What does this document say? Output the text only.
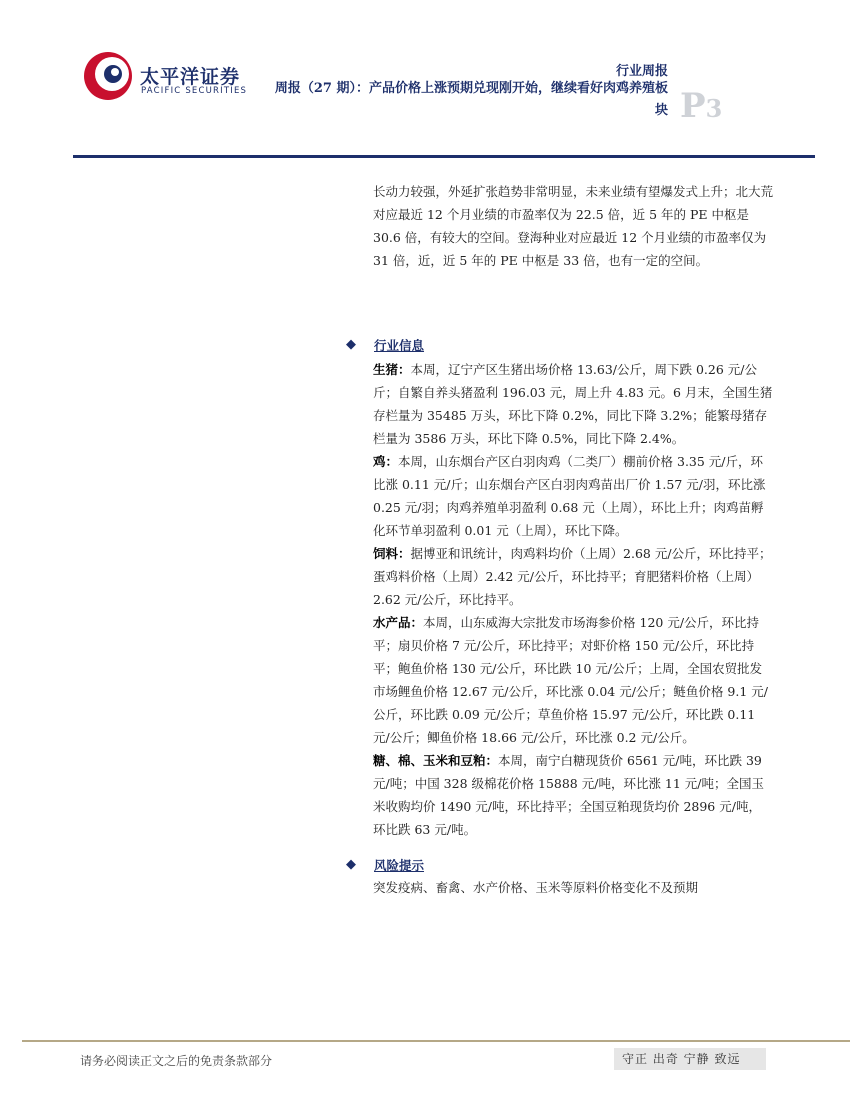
太平洋证券
PACIFIC SECURITIES
行业周报
周报（27 期）：产品价格上涨预期兑现刚开始，继续看好肉鸡养殖板块 P3

长动力较强，外延扩张趋势非常明显，未来业绩有望爆发式上升；北大荒对应最近 12 个月业绩的市盈率仅为 22.5 倍，近 5 年的 PE 中枢是 30.6 倍，有较大的空间。登海种业对应最近 12 个月业绩的市盈率仅为 31 倍，近，近 5 年的 PE 中枢是 33 倍，也有一定的空间。

◆	行业信息

生猪：本周，辽宁产区生猪出场价格 13.63/公斤，周下跌 0.26 元/公斤；自繁自养头猪盈利 196.03 元，周上升 4.83 元。6 月末，全国生猪存栏量为 35485 万头，环比下降 0.2%，同比下降 3.2%；能繁母猪存栏量为 3586 万头，环比下降 0.5%，同比下降 2.4%。

鸡：本周，山东烟台产区白羽肉鸡（二类厂）棚前价格 3.35 元/斤，环比涨 0.11 元/斤；山东烟台产区白羽肉鸡苗出厂价 1.57 元/羽，环比涨 0.25 元/羽；肉鸡养殖单羽盈利 0.68 元（上周），环比上升；肉鸡苗孵化环节单羽盈利 0.01 元（上周），环比下降。

饲料：据博亚和讯统计，肉鸡料均价（上周）2.68 元/公斤，环比持平；蛋鸡料价格（上周）2.42 元/公斤，环比持平；育肥猪料价格（上周）2.62 元/公斤，环比持平。

水产品：本周，山东威海大宗批发市场海参价格 120 元/公斤，环比持平；扇贝价格 7 元/公斤，环比持平；对虾价格 150 元/公斤，环比持平；鲍鱼价格 130 元/公斤，环比跌 10 元/公斤；上周，全国农贸批发市场鲤鱼价格 12.67 元/公斤，环比涨 0.04 元/公斤；鲢鱼价格 9.1 元/公斤，环比跌 0.09 元/公斤；草鱼价格 15.97 元/公斤，环比跌 0.11 元/公斤；鲫鱼价格 18.66 元/公斤，环比涨 0.2 元/公斤。

糖、棉、玉米和豆粕：本周，南宁白糖现货价 6561 元/吨，环比跌 39 元/吨；中国 328 级棉花价格 15888 元/吨，环比涨 11 元/吨；全国玉米收购均价 1490 元/吨，环比持平；全国豆粕现货均价 2896 元/吨，环比跌 63 元/吨。

◆	风险提示
突发疫病、畜禽、水产价格、玉米等原料价格变化不及预期
请务必阅读正文之后的免责条款部分	守正 出奇 宁静 致远
